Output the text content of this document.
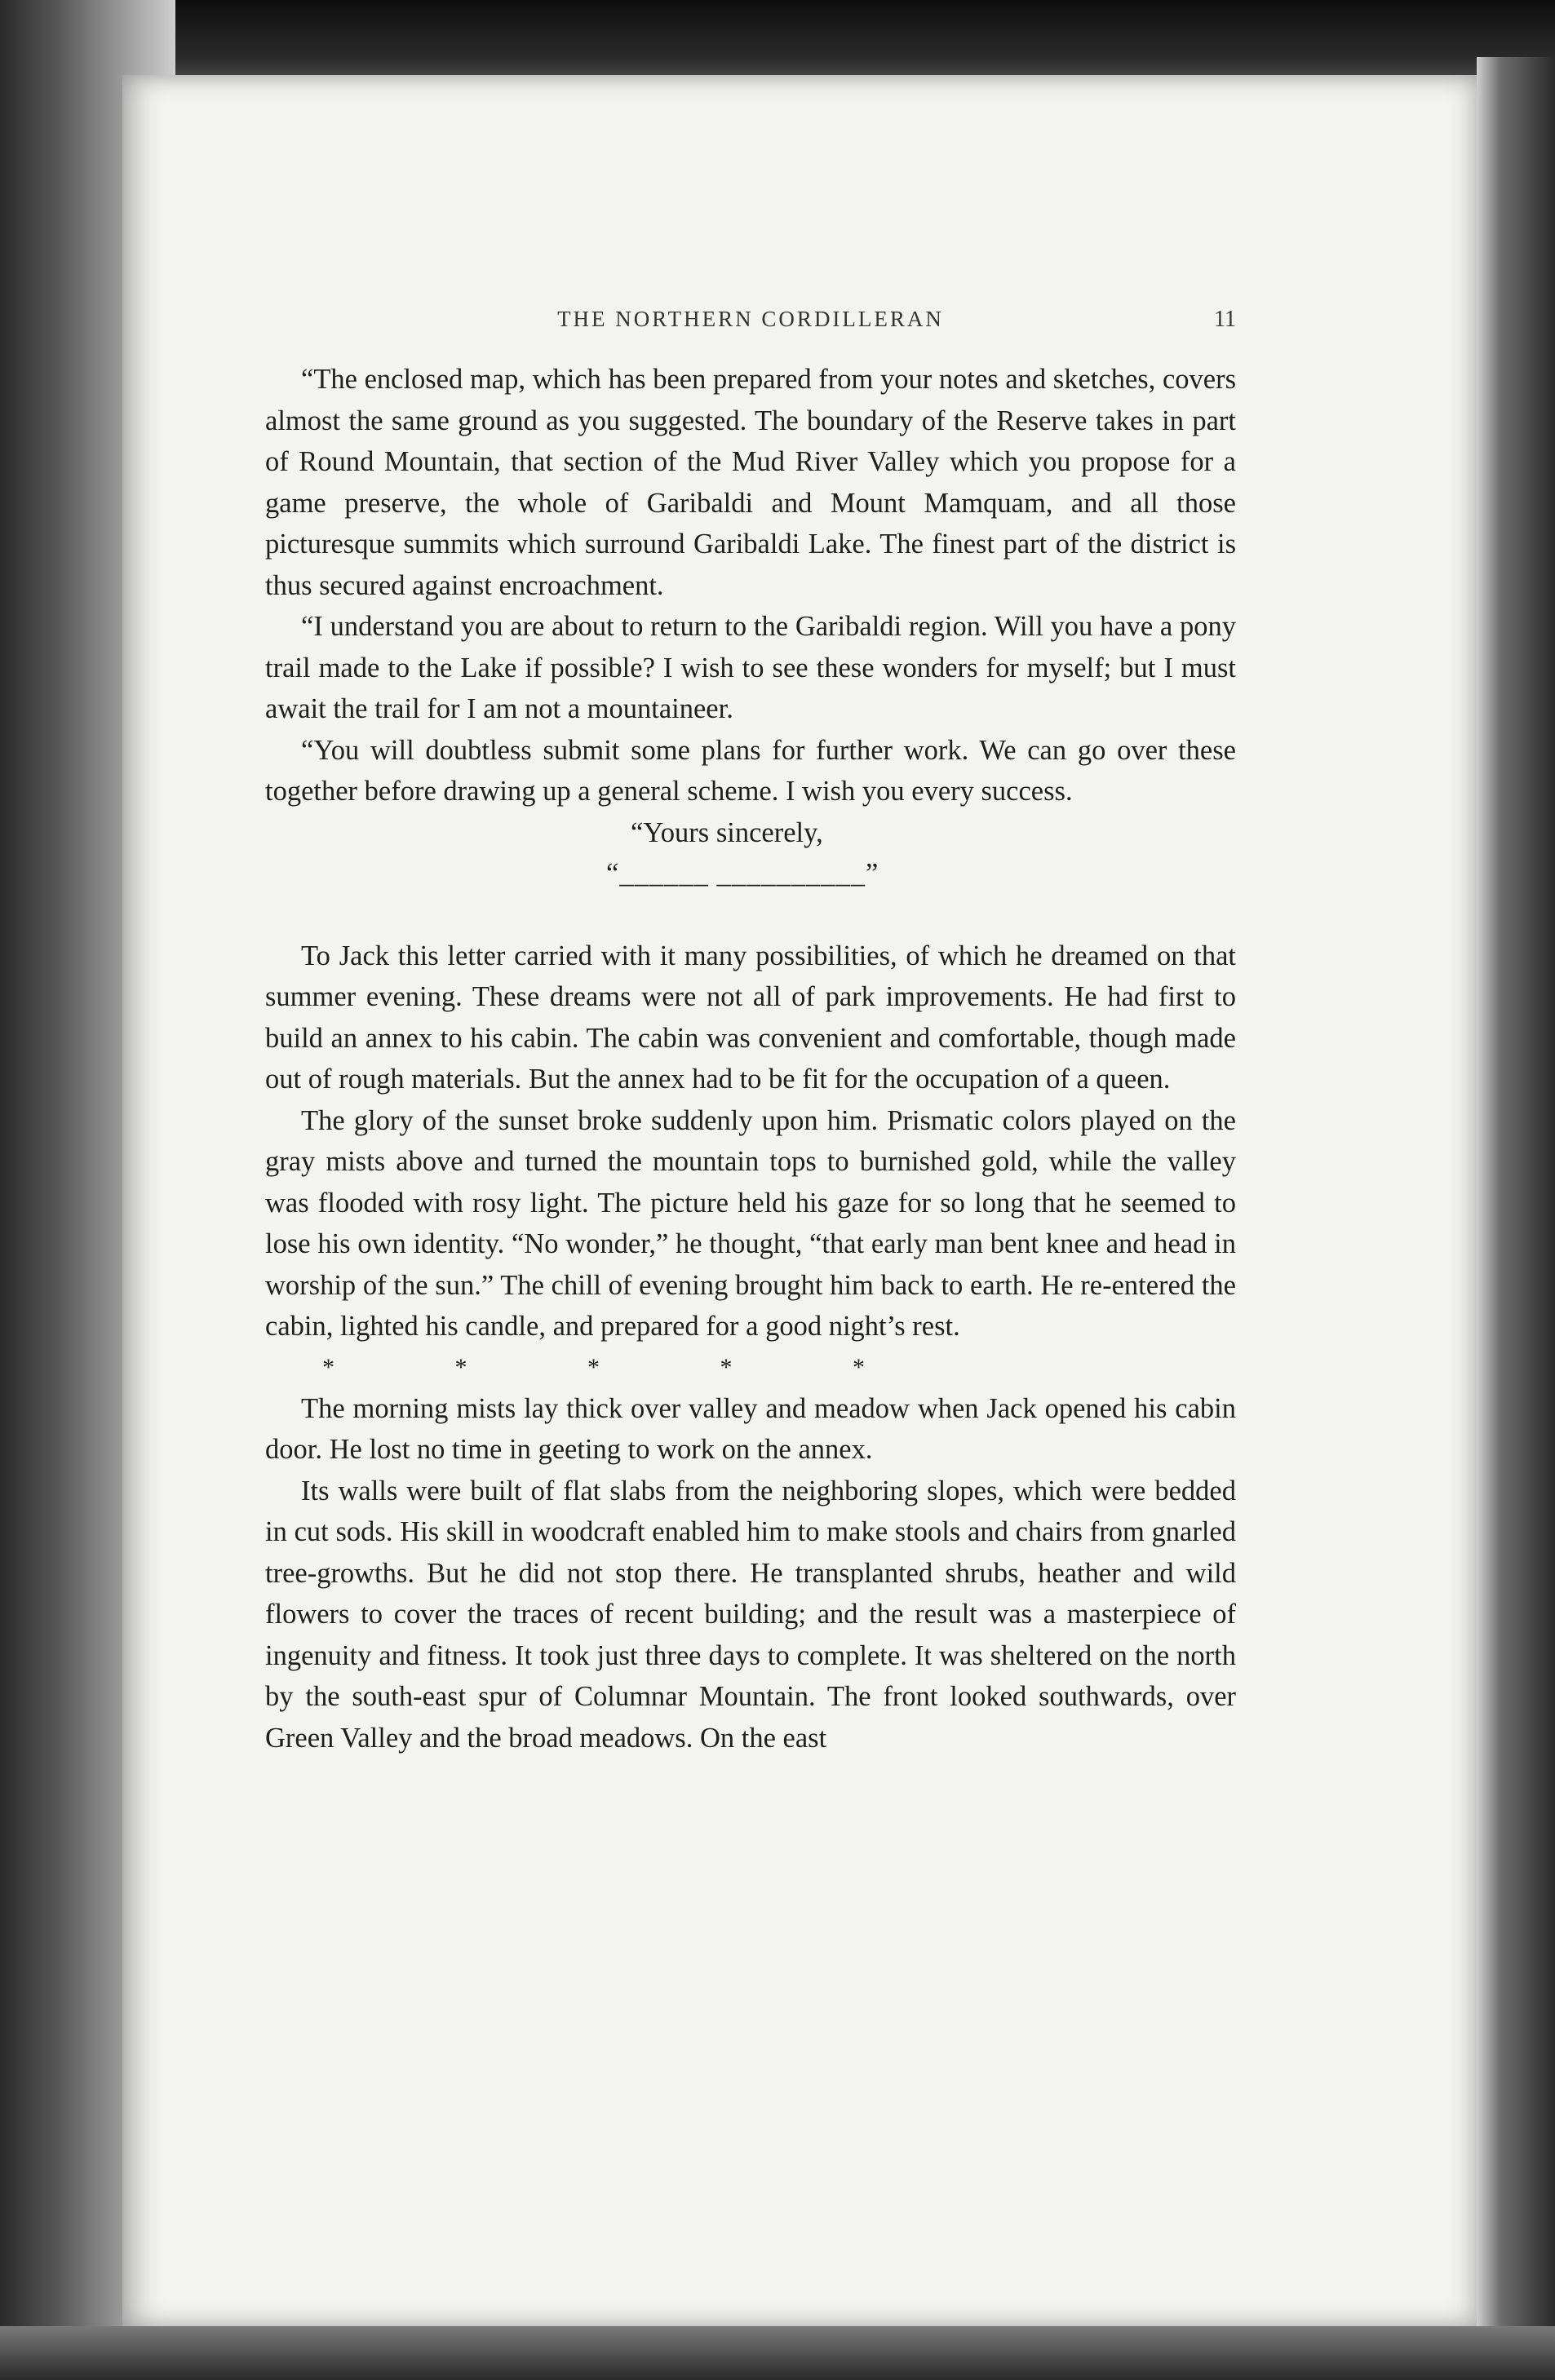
THE NORTHERN CORDILLERAN	11

“The enclosed map, which has been prepared from your notes and sketches, covers almost the same ground as you suggested. The boundary of the Reserve takes in part of Round Mountain, that section of the Mud River Valley which you propose for a game preserve, the whole of Garibaldi and Mount Mamquam, and all those picturesque summits which surround Garibaldi Lake. The finest part of the district is thus secured against encroachment.

“I understand you are about to return to the Garibaldi region. Will you have a pony trail made to the Lake if possible? I wish to see these wonders for myself; but I must await the trail for I am not a mountaineer.

“You will doubtless submit some plans for further work. We can go over these together before drawing up a general scheme. I wish you every success.

“Yours sincerely,

“______ __________”

To Jack this letter carried with it many possibilities, of which he dreamed on that summer evening. These dreams were not all of park improvements. He had first to build an annex to his cabin. The cabin was convenient and comfortable, though made out of rough materials. But the annex had to be fit for the occupation of a queen.

The glory of the sunset broke suddenly upon him. Prismatic colors played on the gray mists above and turned the mountain tops to burnished gold, while the valley was flooded with rosy light. The picture held his gaze for so long that he seemed to lose his own identity. “No wonder,” he thought, “that early man bent knee and head in worship of the sun.” The chill of evening brought him back to earth. He re-entered the cabin, lighted his candle, and prepared for a good night’s rest.

* * * * *

The morning mists lay thick over valley and meadow when Jack opened his cabin door. He lost no time in geeting to work on the annex.

Its walls were built of flat slabs from the neighboring slopes, which were bedded in cut sods. His skill in woodcraft enabled him to make stools and chairs from gnarled tree-growths. But he did not stop there. He transplanted shrubs, heather and wild flowers to cover the traces of recent building; and the result was a masterpiece of ingenuity and fitness. It took just three days to complete. It was sheltered on the north by the south-east spur of Columnar Mountain. The front looked southwards, over Green Valley and the broad meadows. On the east
